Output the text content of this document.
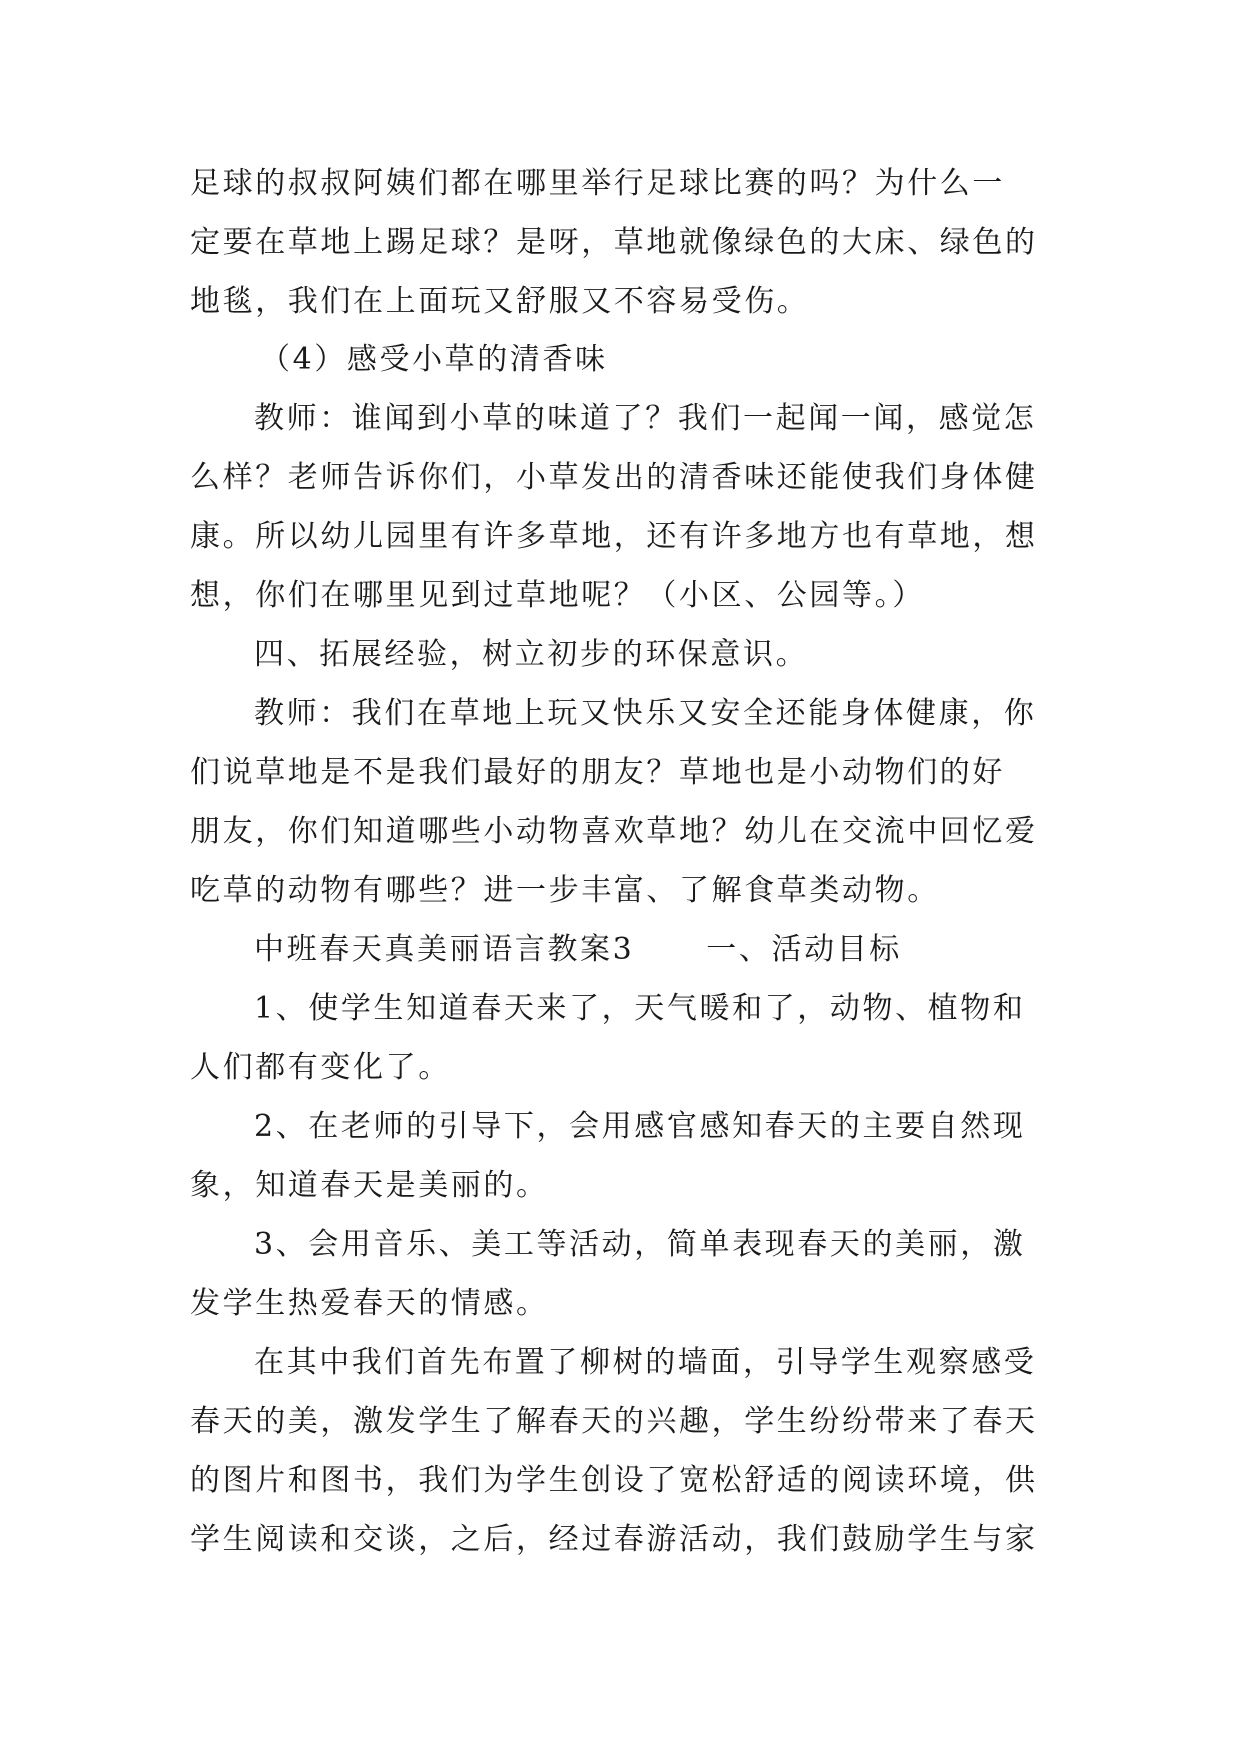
足球的叔叔阿姨们都在哪里举行足球比赛的吗？为什么一
定要在草地上踢足球？是呀，草地就像绿色的大床、绿色的
地毯，我们在上面玩又舒服又不容易受伤。
（4）感受小草的清香味
教师：谁闻到小草的味道了？我们一起闻一闻，感觉怎
么样？老师告诉你们，小草发出的清香味还能使我们身体健
康。所以幼儿园里有许多草地，还有许多地方也有草地，想
想，你们在哪里见到过草地呢？（小区、公园等。）
四、拓展经验，树立初步的环保意识。
教师：我们在草地上玩又快乐又安全还能身体健康，你
们说草地是不是我们最好的朋友？草地也是小动物们的好
朋友，你们知道哪些小动物喜欢草地？幼儿在交流中回忆爱
吃草的动物有哪些？进一步丰富、了解食草类动物。
中班春天真美丽语言教案3 一、活动目标
1、使学生知道春天来了，天气暖和了，动物、植物和
人们都有变化了。
2、在老师的引导下，会用感官感知春天的主要自然现
象，知道春天是美丽的。
3、会用音乐、美工等活动，简单表现春天的美丽，激
发学生热爱春天的情感。
在其中我们首先布置了柳树的墙面，引导学生观察感受
春天的美，激发学生了解春天的兴趣，学生纷纷带来了春天
的图片和图书，我们为学生创设了宽松舒适的阅读环境，供
学生阅读和交谈，之后，经过春游活动，我们鼓励学生与家
